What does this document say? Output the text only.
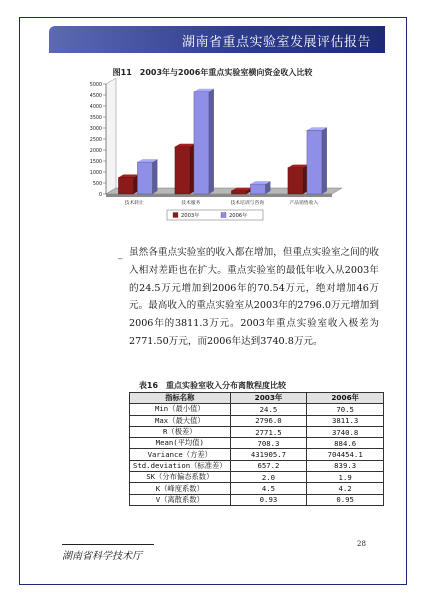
湖南省重点实验室发展评估报告
图11　2003年与2006年重点实验室横向资金收入比较
0
500
1000
1500
2000
2500
3000
3500
4000
4500
5000
技术转让	技术服务	技术培训与咨询	产品销售收入
2003年	2006年
_ 虽然各重点实验室的收入都在增加，但重点实验室之间的收入相对差距也在扩大。重点实验室的最低年收入从2003年的24.5万元增加到2006年的70.54万元，绝对增加46万元。最高收入的重点实验室从2003年的2796.0万元增加到2006年的3811.3万元。2003年重点实验室收入极差为2771.50万元，而2006年达到3740.8万元。

表16　重点实验室收入分布离散程度比较
指标名称	2003年	2006年
Min（最小值）	24.5	70.5
Max（最大值）	2796.0	3811.3
R（极差）	2771.5	3740.8
Mean(平均值)	708.3	884.6
Variance（方差）	431905.7	704454.1
Std.deviation（标准差）	657.2	839.3
SK（分布偏态系数）	2.0	1.9
K（峰度系数）	4.5	4.2
V（离散系数）	0.93	0.95
28
湖南省科学技术厅
